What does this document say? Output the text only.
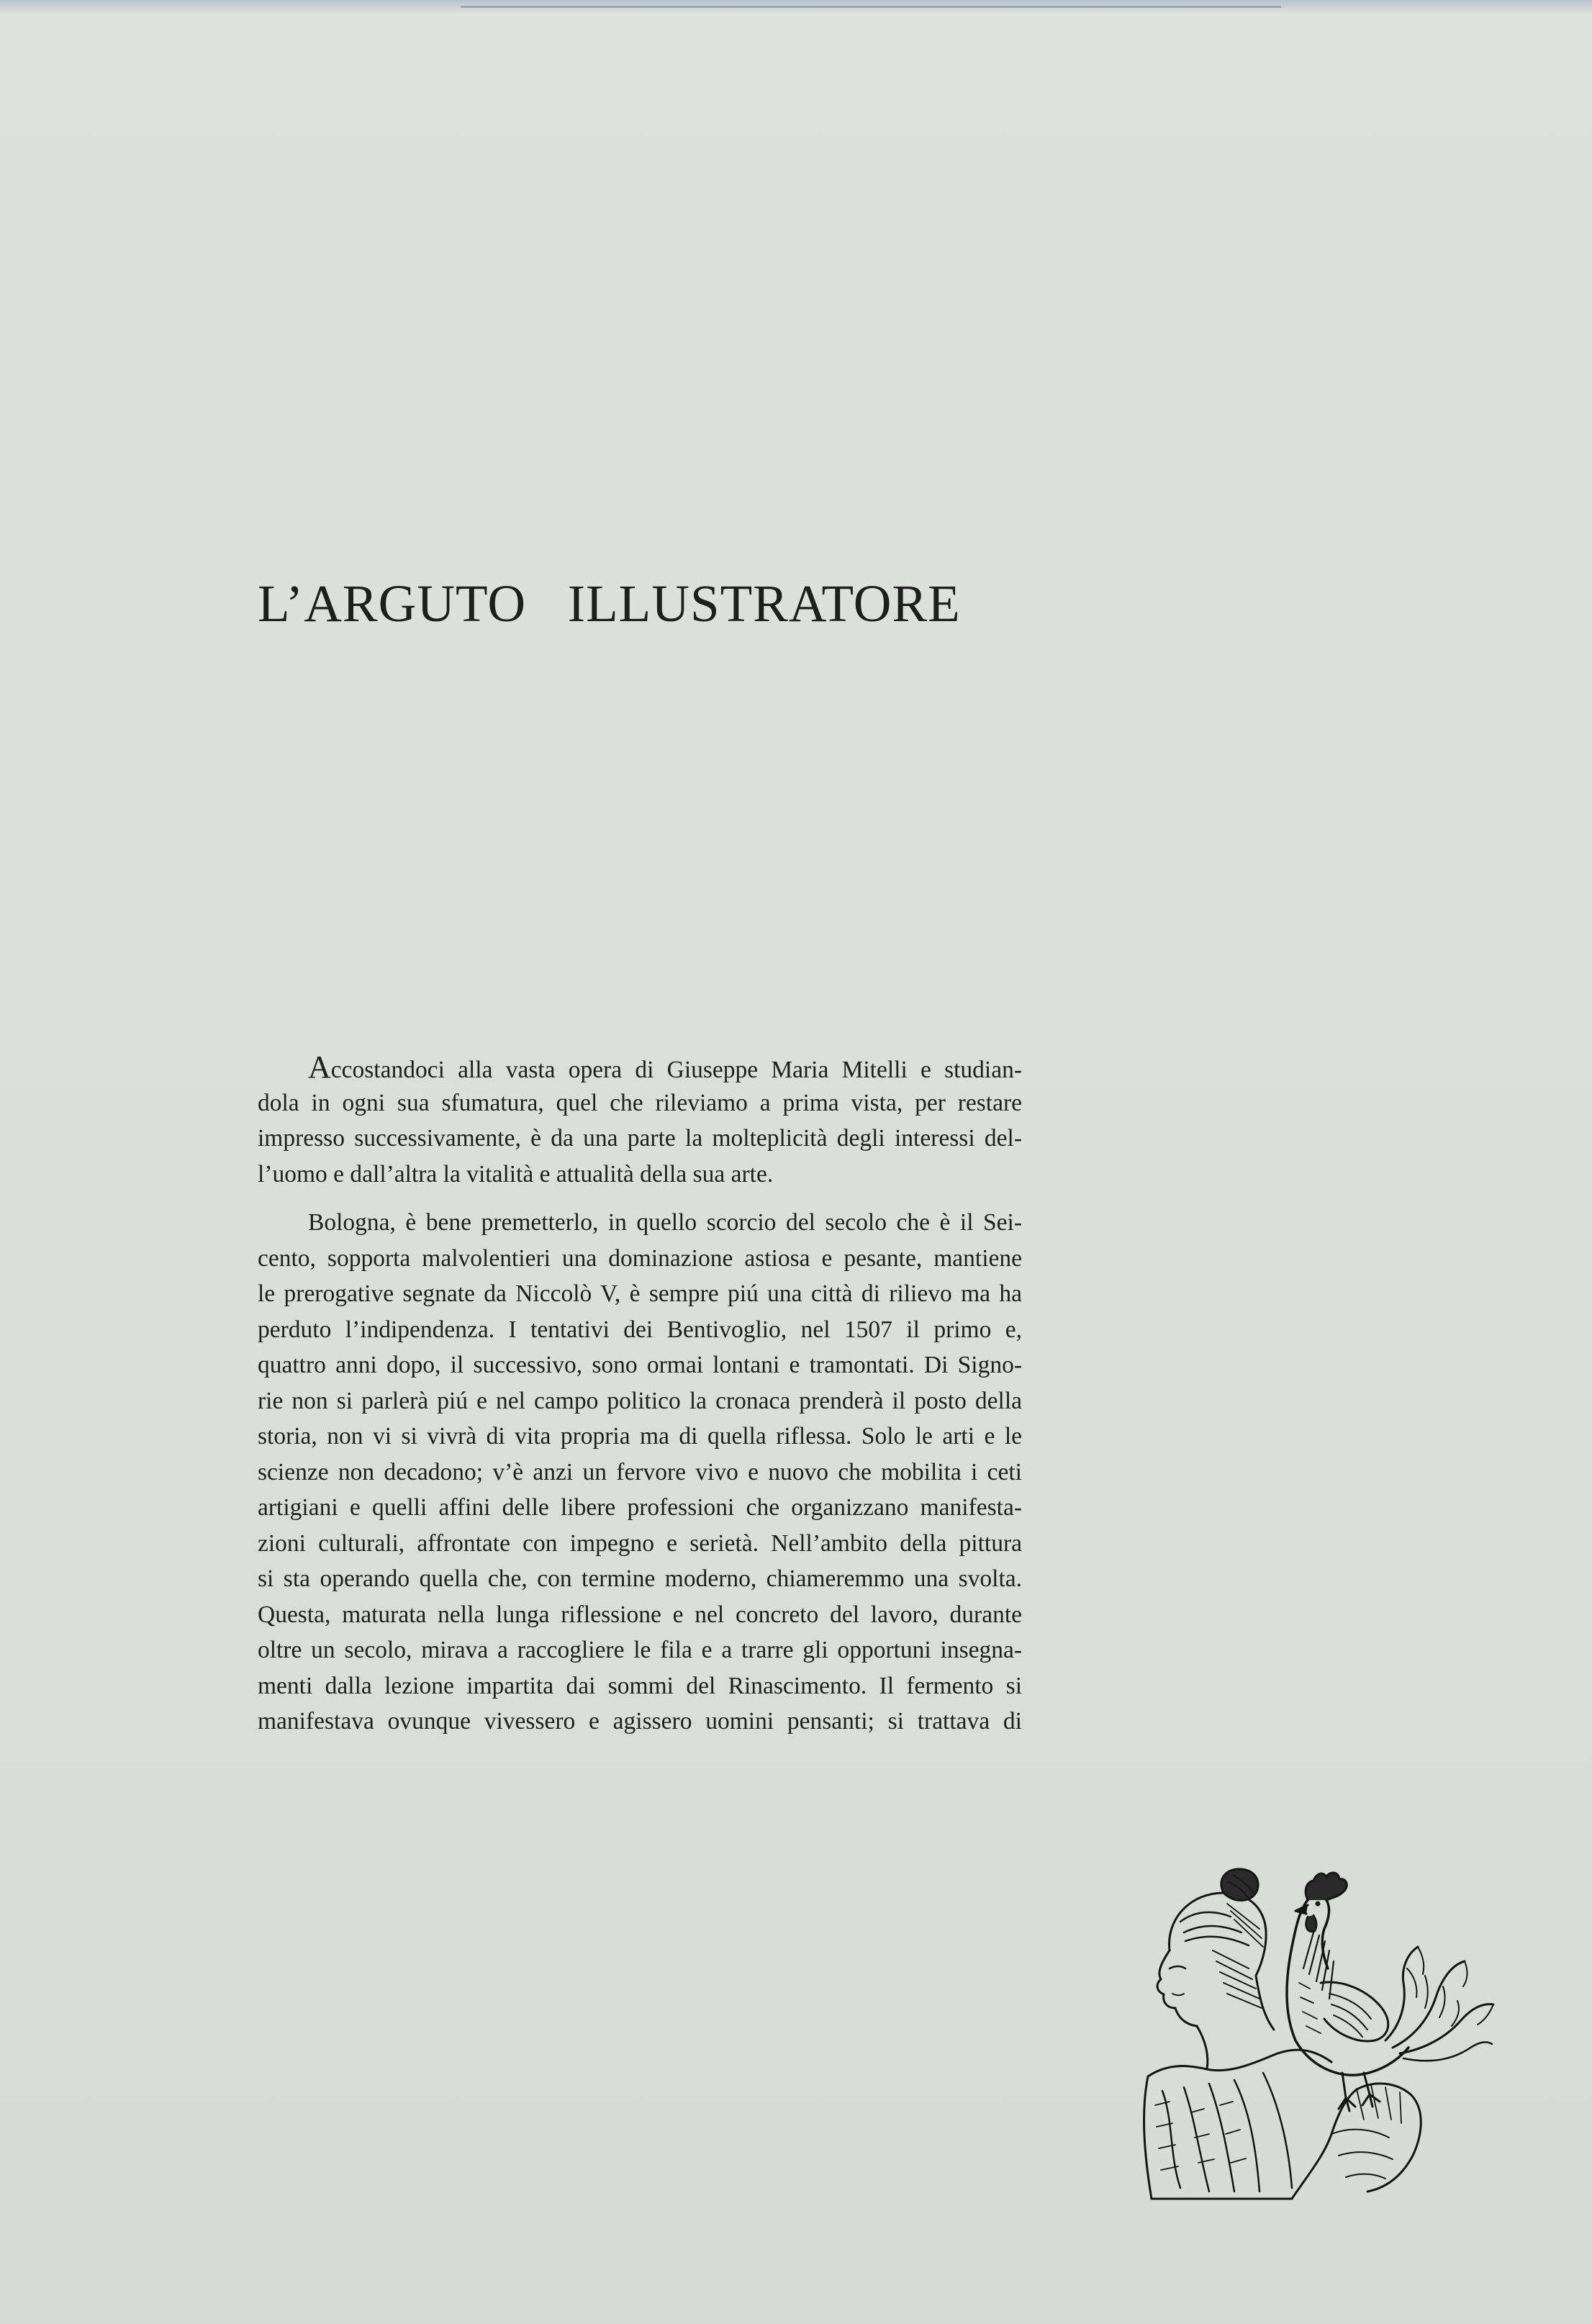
L’ARGUTO   ILLUSTRATORE
Accostandoci alla vasta opera di Giuseppe Maria Mitelli e studian-
dola in ogni sua sfumatura, quel che rileviamo a prima vista, per restare
impresso successivamente, è da una parte la molteplicità degli interessi del-
l’uomo e dall’altra la vitalità e attualità della sua arte.
Bologna, è bene premetterlo, in quello scorcio del secolo che è il Sei-
cento, sopporta malvolentieri una dominazione astiosa e pesante, mantiene
le prerogative segnate da Niccolò V, è sempre piú una città di rilievo ma ha
perduto l’indipendenza. I tentativi dei Bentivoglio, nel 1507 il primo e,
quattro anni dopo, il successivo, sono ormai lontani e tramontati. Di Signo-
rie non si parlerà piú e nel campo politico la cronaca prenderà il posto della
storia, non vi si vivrà di vita propria ma di quella riflessa. Solo le arti e le
scienze non decadono; v’è anzi un fervore vivo e nuovo che mobilita i ceti
artigiani e quelli affini delle libere professioni che organizzano manifesta-
zioni culturali, affrontate con impegno e serietà. Nell’ambito della pittura
si sta operando quella che, con termine moderno, chiameremmo una svolta.
Questa, maturata nella lunga riflessione e nel concreto del lavoro, durante
oltre un secolo, mirava a raccogliere le fila e a trarre gli opportuni insegna-
menti dalla lezione impartita dai sommi del Rinascimento. Il fermento si
manifestava ovunque vivessero e agissero uomini pensanti; si trattava di
